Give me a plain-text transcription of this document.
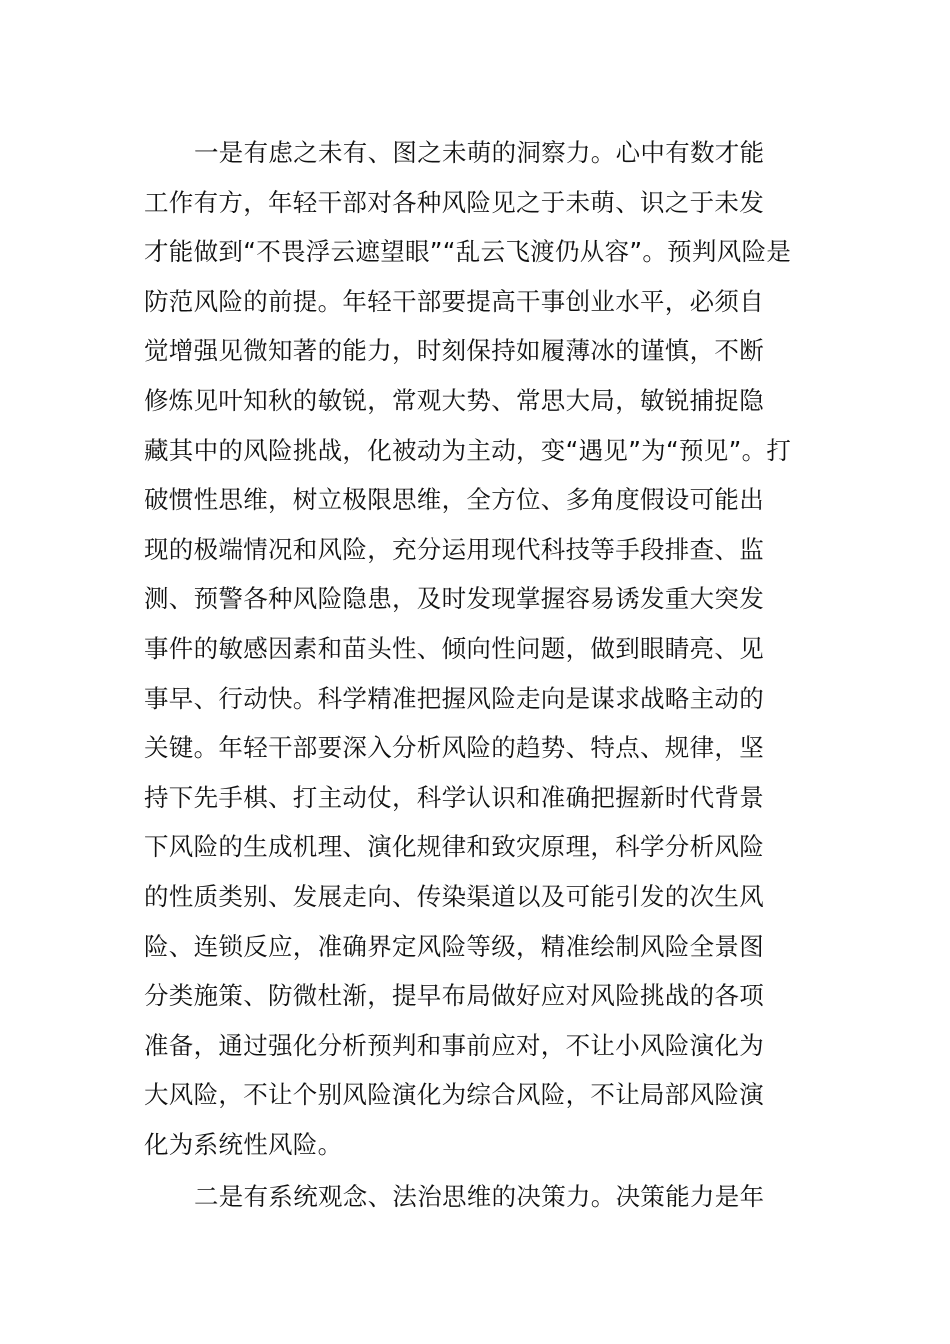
一是有虑之未有、图之未萌的洞察力。心中有数才能
工作有方，年轻干部对各种风险见之于未萌、识之于未发
才能做到“不畏浮云遮望眼”“乱云飞渡仍从容”。预判风险是
防范风险的前提。年轻干部要提高干事创业水平，必须自
觉增强见微知著的能力，时刻保持如履薄冰的谨慎，不断
修炼见叶知秋的敏锐，常观大势、常思大局，敏锐捕捉隐
藏其中的风险挑战，化被动为主动，变“遇见”为“预见”。打
破惯性思维，树立极限思维，全方位、多角度假设可能出
现的极端情况和风险，充分运用现代科技等手段排查、监
测、预警各种风险隐患，及时发现掌握容易诱发重大突发
事件的敏感因素和苗头性、倾向性问题，做到眼睛亮、见
事早、行动快。科学精准把握风险走向是谋求战略主动的
关键。年轻干部要深入分析风险的趋势、特点、规律，坚
持下先手棋、打主动仗，科学认识和准确把握新时代背景
下风险的生成机理、演化规律和致灾原理，科学分析风险
的性质类别、发展走向、传染渠道以及可能引发的次生风
险、连锁反应，准确界定风险等级，精准绘制风险全景图
分类施策、防微杜渐，提早布局做好应对风险挑战的各项
准备，通过强化分析预判和事前应对，不让小风险演化为
大风险，不让个别风险演化为综合风险，不让局部风险演
化为系统性风险。
二是有系统观念、法治思维的决策力。决策能力是年
